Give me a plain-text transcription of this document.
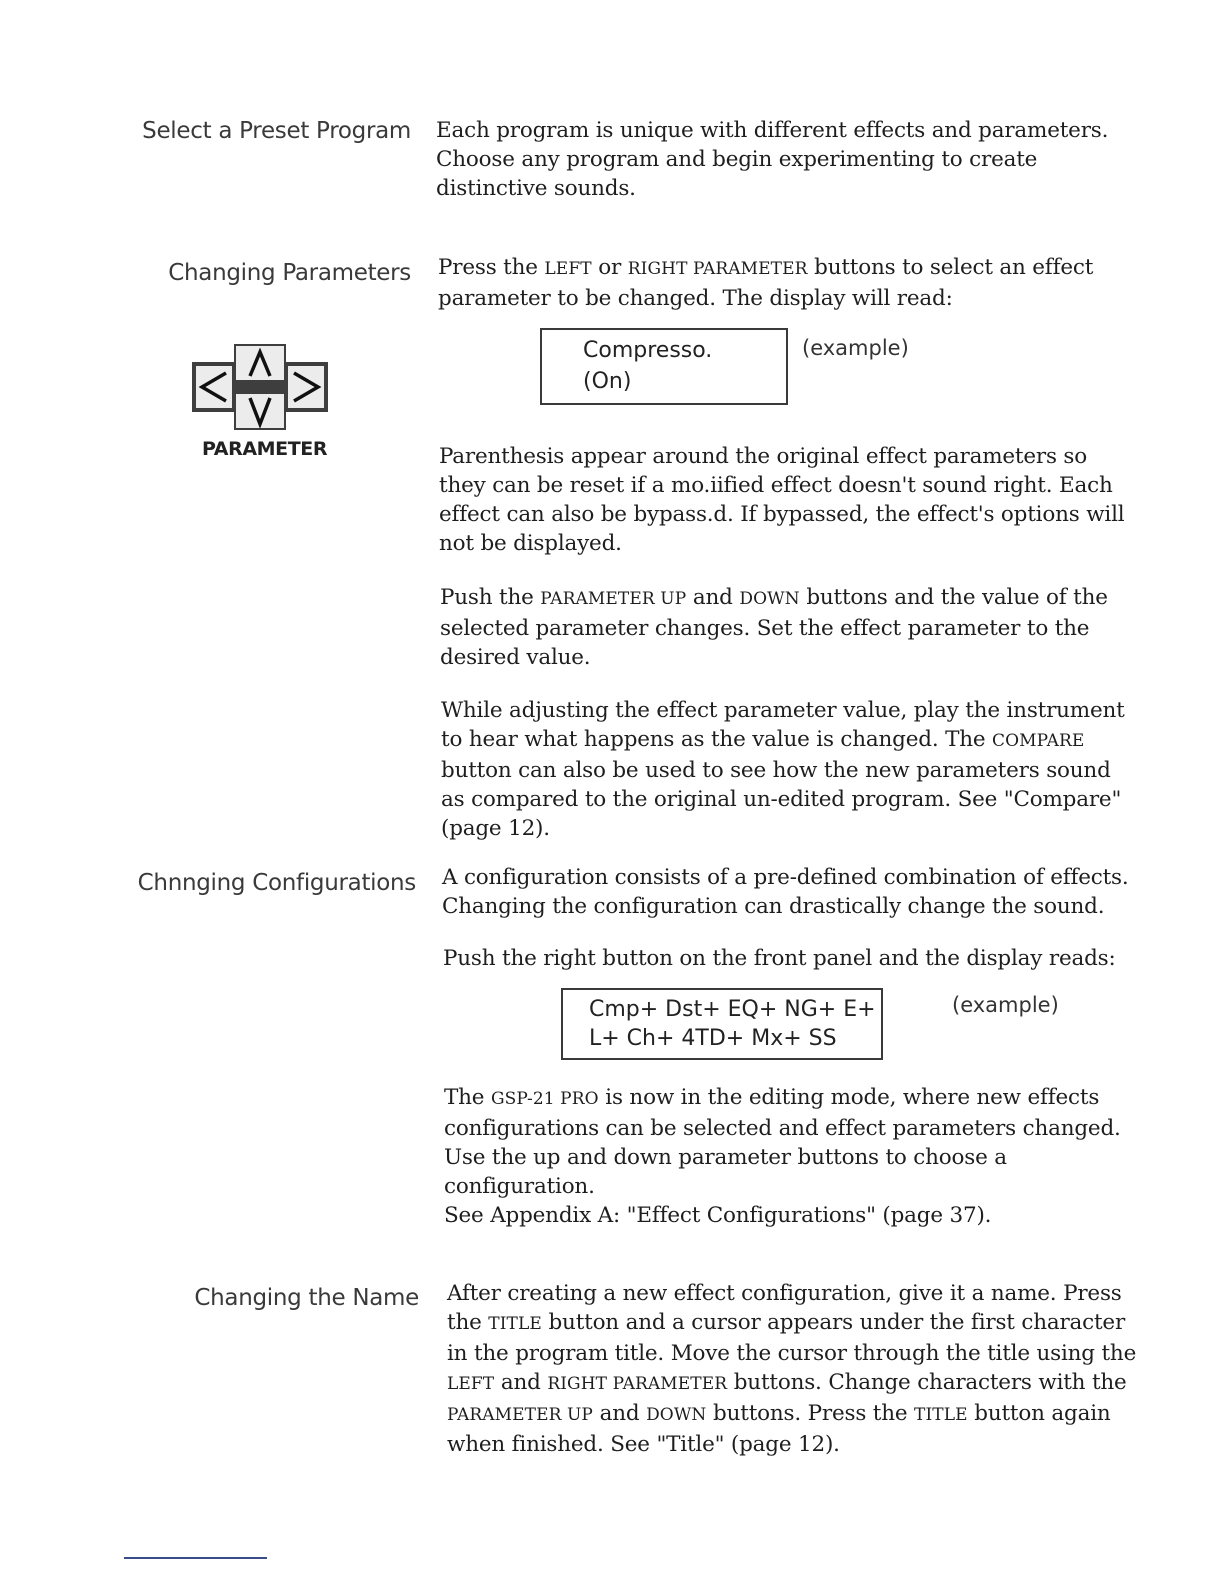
Select a Preset Program Each program is unique with different effects and parameters.

Choose any program and begin experimenting to create

distinctive sounds.

Changing Parameters Press the LEFT or RIGHT PARAMETER buttons to select an effect

parameter to be changed. The display will read:

Compresso.
(On)
(example)
PARAMETER	Parenthesis appear around the original effect parameters so

they can be reset if a mo.iified effect doesn't sound right. Each

effect can also be bypass.d. If bypassed, the effect's options will

not be displayed.

Push the PARAMETER UP and DOWN buttons and the value of the

selected parameter changes. Set the effect parameter to the

desired value.

While adjusting the effect parameter value, play the instrument

to hear what happens as the value is changed. The COMPARE

button can also be used to see how the new parameters sound

as compared to the original un-edited program. See "Compare"

(page 12).

Chnnging Configurations A configuration consists of a pre-defined combination of effects.

Changing the configuration can drastically change the sound.

Push the right button on the front panel and the display reads:

Cmp+ Dst+ EQ+ NG+ E+
L+ Ch+ 4TD+ Mx+ SS
(example)

The GSP-21 PRO is now in the editing mode, where new effects

configurations can be selected and effect parameters changed.

Use the up and down parameter buttons to choose a

configuration.

See Appendix A: "Effect Configurations" (page 37).

Changing the Name After creating a new effect configuration, give it a name. Press

the TITLE button and a cursor appears under the first character

in the program title. Move the cursor through the title using the

LEFT and RIGHT PARAMETER buttons. Change characters with the

PARAMETER UP and DOWN buttons. Press the TITLE button again

when finished. See "Title" (page 12).
